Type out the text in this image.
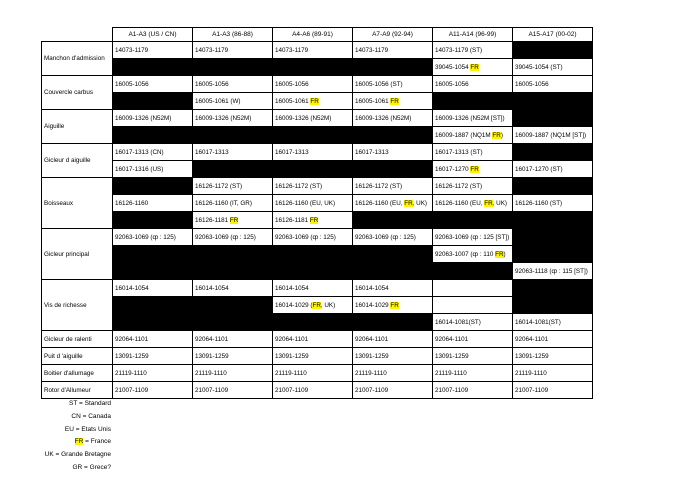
	A1-A3 (US / CN)	A1-A3 (86-88)	A4-A6 (89-91)	A7-A9 (92-94)	A11-A14 (96-99)	A15-A17 (00-02)
Manchon d'admission	14073-1179	14073-1179	14073-1179	14073-1179	14073-1179 (ST)	
					39045-1054 FR	39045-1054 (ST)
Couvercle carbus	16005-1056	16005-1056	16005-1056	16005-1056 (ST)	16005-1056	16005-1056
		16005-1061 (W)	16005-1061 FR	16005-1061 FR		
Aiguille	16009-1326 (N52M)	16009-1326 (N52M)	16009-1326 (N52M)	16009-1326 (N52M)	16009-1326 (N52M [ST])	
					16009-1887 (NQ1M FR)	16009-1887 (NQ1M [ST])
Gicleur d aiguille	16017-1313 (CN)	16017-1313	16017-1313	16017-1313	16017-1313 (ST)	
	16017-1316 (US)				16017-1270 FR	16017-1270 (ST)
Boisseaux		16126-1172 (ST)	16126-1172 (ST)	16126-1172 (ST)	16126-1172 (ST)	
	16126-1160	16126-1160 (IT, GR)	16126-1160 (EU, UK)	16126-1160 (EU, FR, UK)	16126-1160 (EU, FR, UK)	16126-1160 (ST)
		16126-1181 FR	16126-1181 FR			
Gicleur principal	92063-1069 (ȹ : 125)	92063-1069 (ȹ : 125)	92063-1069 (ȹ : 125)	92063-1069 (ȹ : 125)	92063-1069 (ȹ : 125 [ST])	
					92063-1007 (ȹ : 110 FR)	
						92063-1118 (ȹ : 115 [ST])
Vis de richesse	16014-1054	16014-1054	16014-1054	16014-1054		
			16014-1029 (FR, UK)	16014-1029 FR		
					16014-1081(ST)	16014-1081(ST)
Gicleur de ralenti	92064-1101	92064-1101	92064-1101	92064-1101	92064-1101	92064-1101
Puit d 'aiguille	13091-1259	13091-1259	13091-1259	13091-1259	13091-1259	13091-1259
Boitier d'allumage	21119-1110	21119-1110	21119-1110	21119-1110	21119-1110	21119-1110
Rotor d'Allumeur	21007-1109	21007-1109	21007-1109	21007-1109	21007-1109	21007-1109
ST = Standard
CN = Canada
EU = Etats Unis
FR = France
UK = Grande Bretagne
GR = Grece?
